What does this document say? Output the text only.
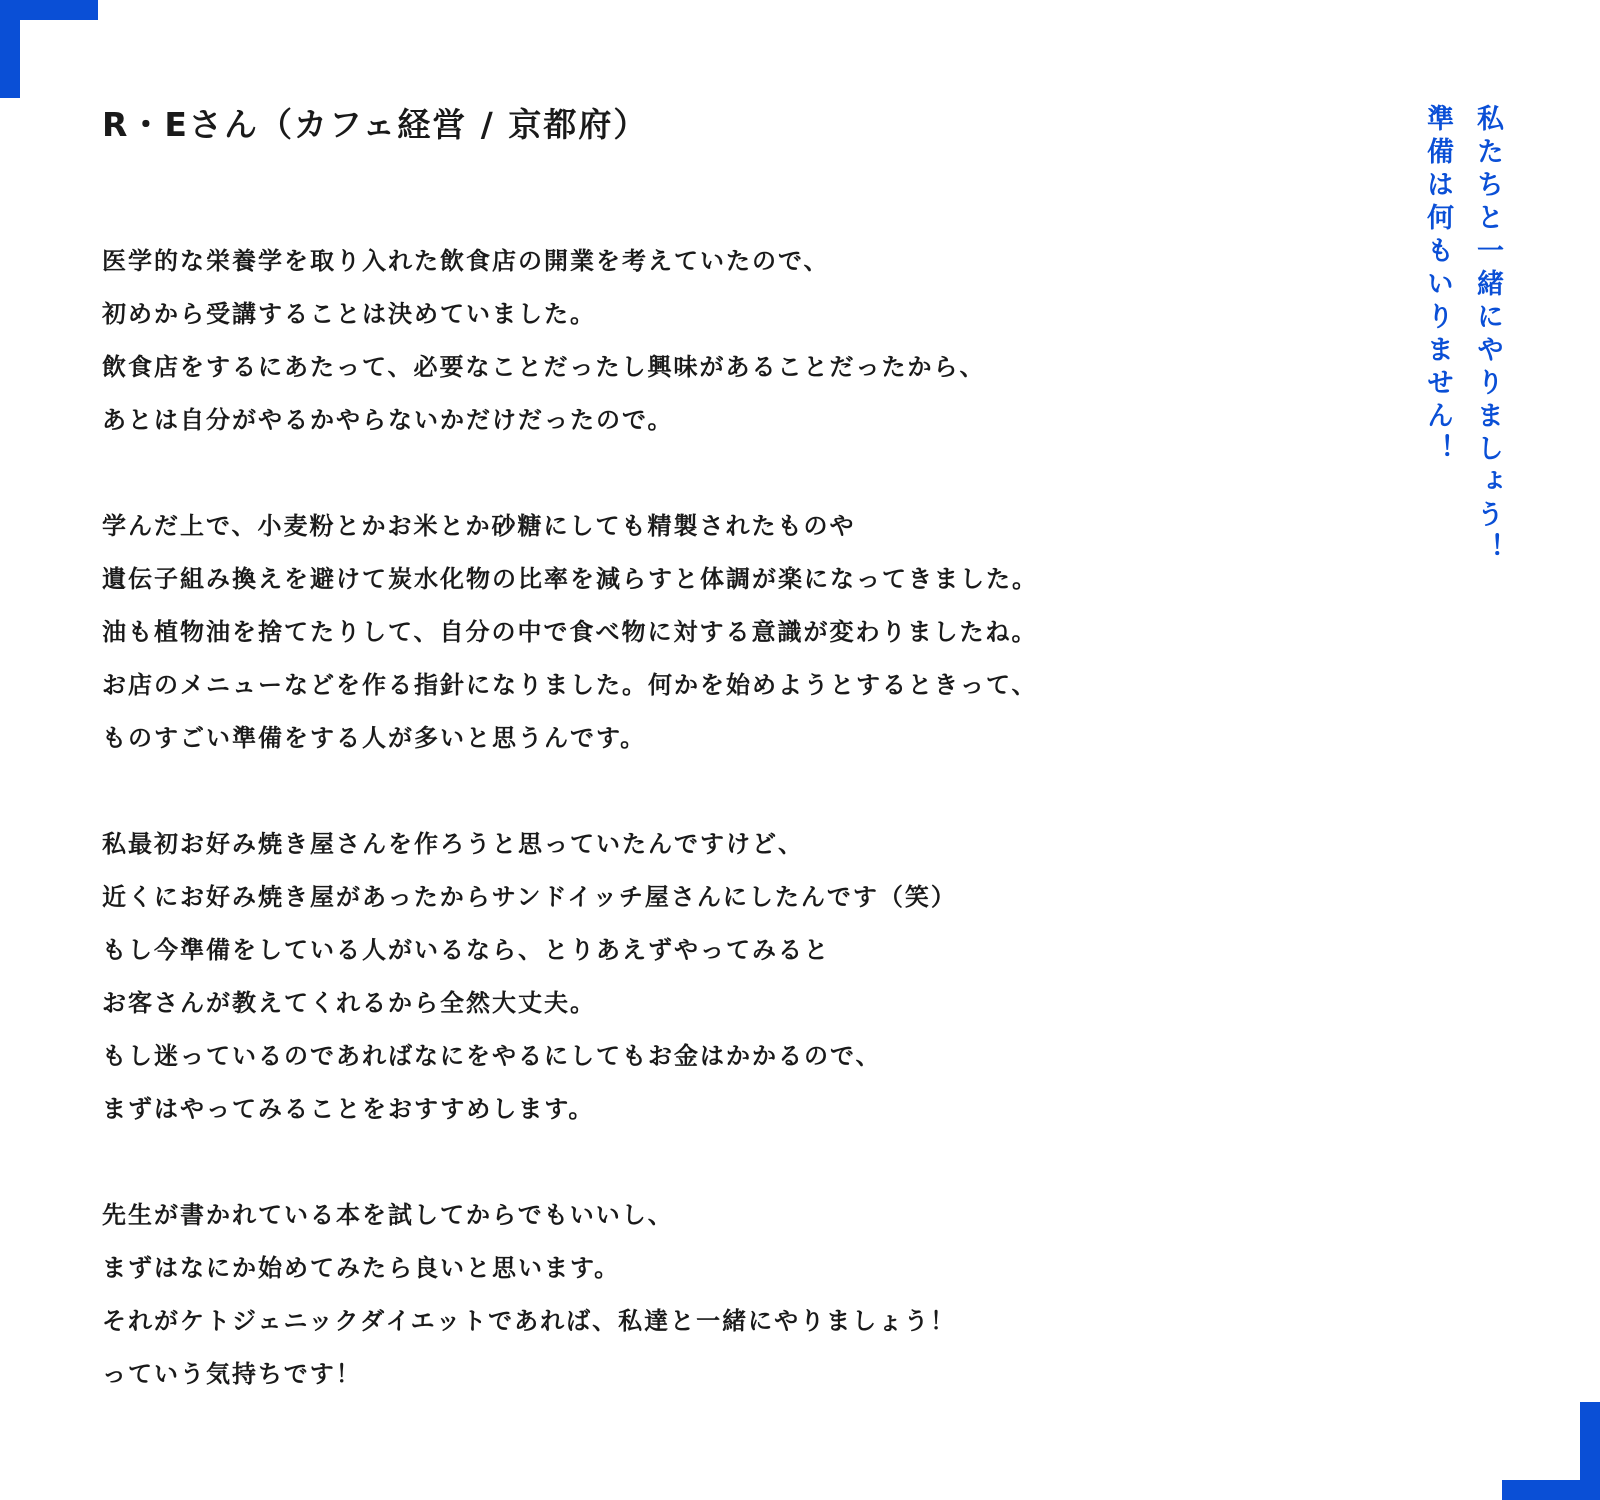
R・Eさん（カフェ経営 / 京都府）

医学的な栄養学を取り入れた飲食店の開業を考えていたので、
初めから受講することは決めていました。
飲食店をするにあたって、必要なことだったし興味があることだったから、
あとは自分がやるかやらないかだけだったので。

学んだ上で、小麦粉とかお米とか砂糖にしても精製されたものや
遺伝子組み換えを避けて炭水化物の比率を減らすと体調が楽になってきました。
油も植物油を捨てたりして、自分の中で食べ物に対する意識が変わりましたね。
お店のメニューなどを作る指針になりました。何かを始めようとするときって、
ものすごい準備をする人が多いと思うんです。

私最初お好み焼き屋さんを作ろうと思っていたんですけど、
近くにお好み焼き屋があったからサンドイッチ屋さんにしたんです（笑）
もし今準備をしている人がいるなら、とりあえずやってみると
お客さんが教えてくれるから全然大丈夫。
もし迷っているのであればなにをやるにしてもお金はかかるので、
まずはやってみることをおすすめします。

先生が書かれている本を試してからでもいいし、
まずはなにか始めてみたら良いと思います。
それがケトジェニックダイエットであれば、私達と一緒にやりましょう！
っていう気持ちです！

私たちと一緒にやりましょう！
準備は何もいりません！
